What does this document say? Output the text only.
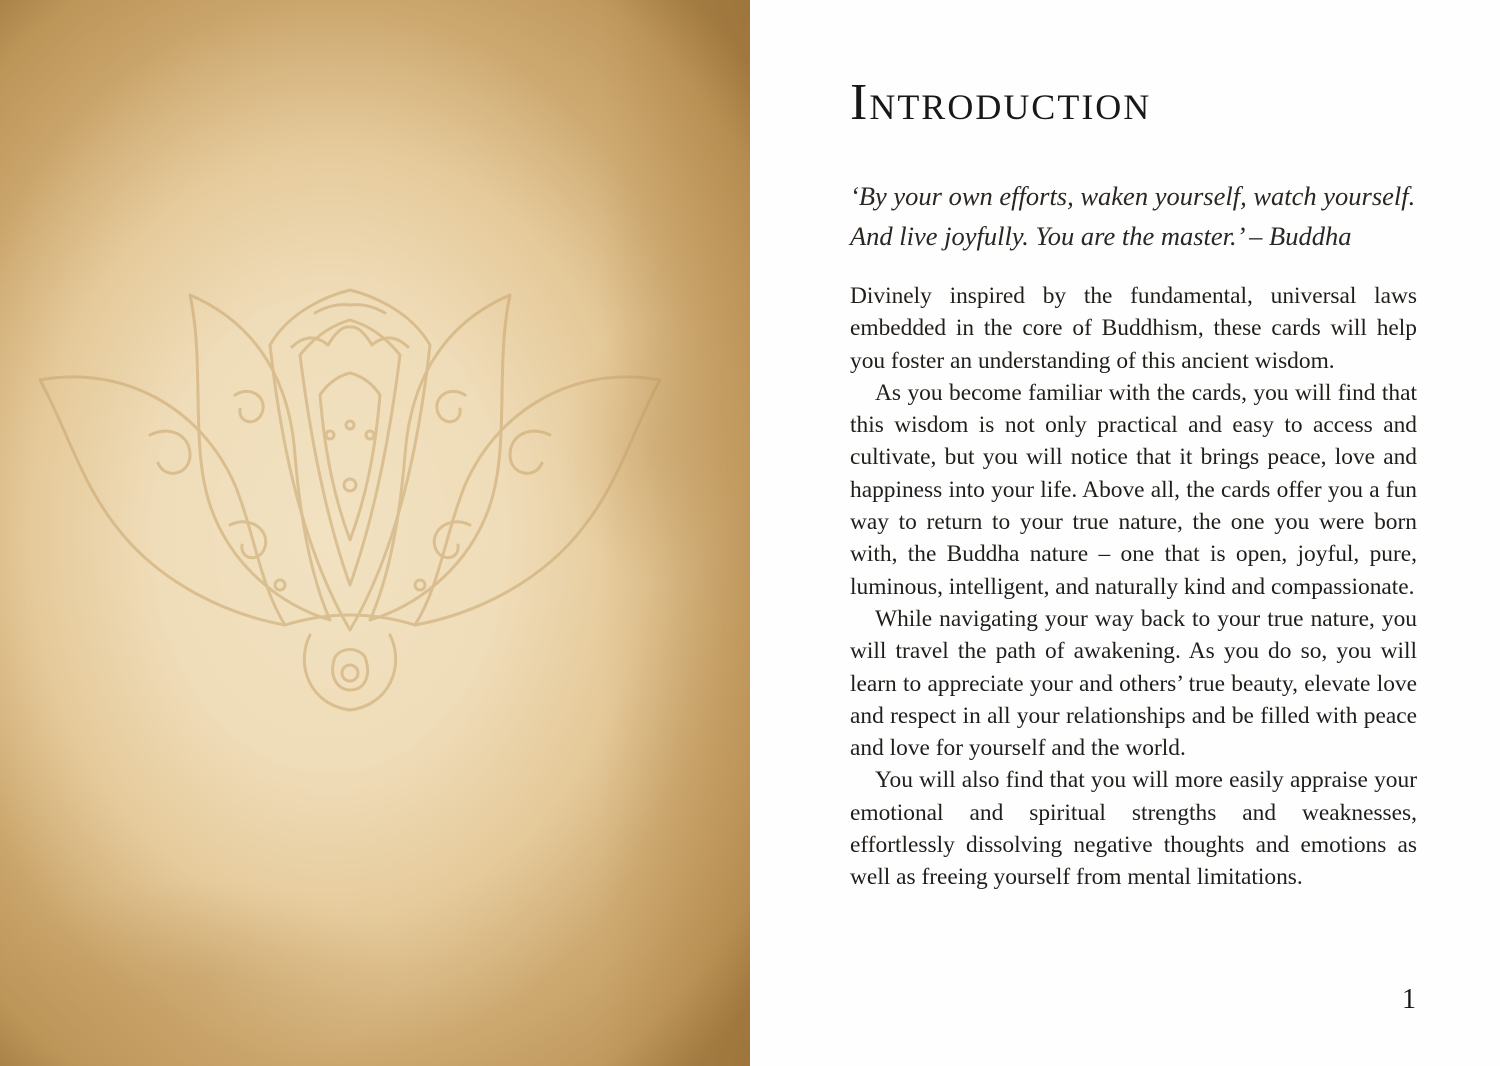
Introduction
‘By your own efforts, waken yourself, watch yourself.
And live joyfully. You are the master.’ – Buddha

Divinely inspired by the fundamental, universal laws embedded in the core of Buddhism, these cards will help you foster an understanding of this ancient wisdom.

As you become familiar with the cards, you will find that this wisdom is not only practical and easy to access and cultivate, but you will notice that it brings peace, love and happiness into your life. Above all, the cards offer you a fun way to return to your true nature, the one you were born with, the Buddha nature – one that is open, joyful, pure, luminous, intelligent, and naturally kind and compassionate.

While navigating your way back to your true nature, you will travel the path of awakening. As you do so, you will learn to appreciate your and others’ true beauty, elevate love and respect in all your relationships and be filled with peace and love for yourself and the world.

You will also find that you will more easily appraise your emotional and spiritual strengths and weaknesses, effortlessly dissolving negative thoughts and emotions as well as freeing yourself from mental limitations.

1
